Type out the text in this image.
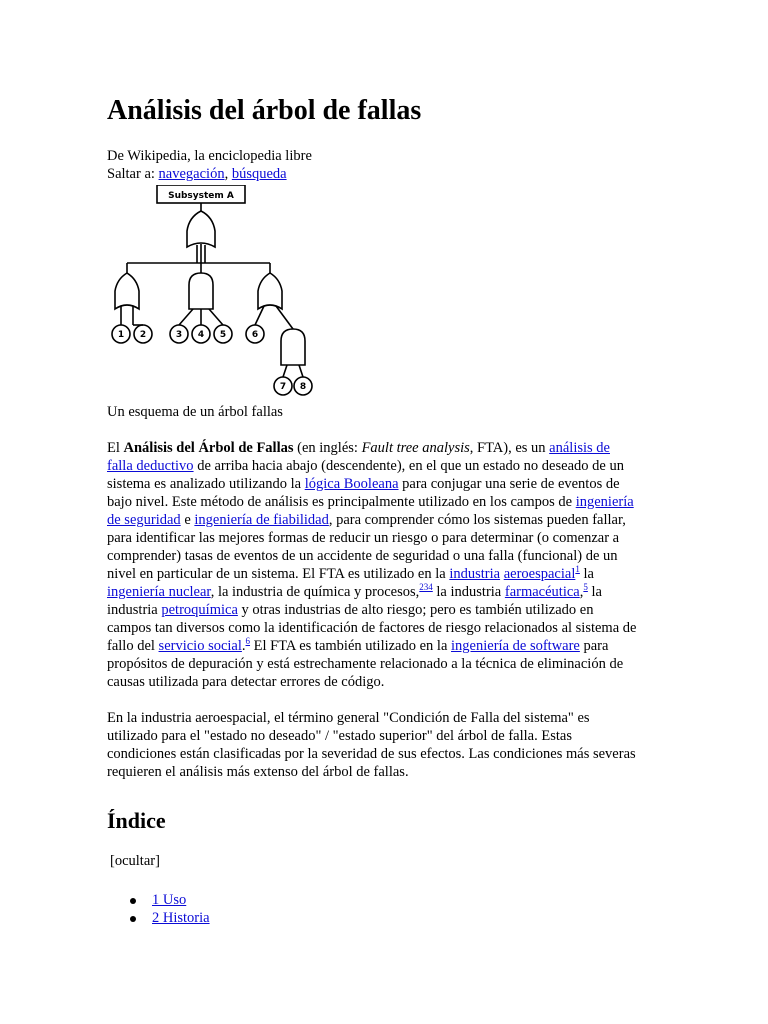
Análisis del árbol de fallas
De Wikipedia, la enciclopedia libre
Saltar a: navegación, búsqueda
Subsystem A
1 2	3 4 5	6
7 8
Un esquema de un árbol fallas

El Análisis del Árbol de Fallas (en inglés: Fault tree analysis, FTA), es un análisis de falla deductivo de arriba hacia abajo (descendente), en el que un estado no deseado de un sistema es analizado utilizando la lógica Booleana para conjugar una serie de eventos de bajo nivel. Este método de análisis es principalmente utilizado en los campos de ingeniería de seguridad e ingeniería de fiabilidad, para comprender cómo los sistemas pueden fallar, para identificar las mejores formas de reducir un riesgo o para determinar (o comenzar a comprender) tasas de eventos de un accidente de seguridad o una falla (funcional) de un nivel en particular de un sistema. El FTA es utilizado en la industria aeroespacial$^1$ la ingeniería nuclear, la industria de química y procesos,$^{234}$ la industria farmacéutica,$^5$ la industria petroquímica y otras industrias de alto riesgo; pero es también utilizado en campos tan diversos como la identificación de factores de riesgo relacionados al sistema de fallo del servicio social.$^6$ El FTA es también utilizado en la ingeniería de software para propósitos de depuración y está estrechamente relacionado a la técnica de eliminación de causas utilizada para detectar errores de código.

En la industria aeroespacial, el término general "Condición de Falla del sistema" es utilizado para el "estado no deseado" / "estado superior" del árbol de falla. Estas condiciones están clasificadas por la severidad de sus efectos. Las condiciones más severas requieren el análisis más extenso del árbol de fallas.

Índice
[ocultar]
1 Uso
2 Historia
